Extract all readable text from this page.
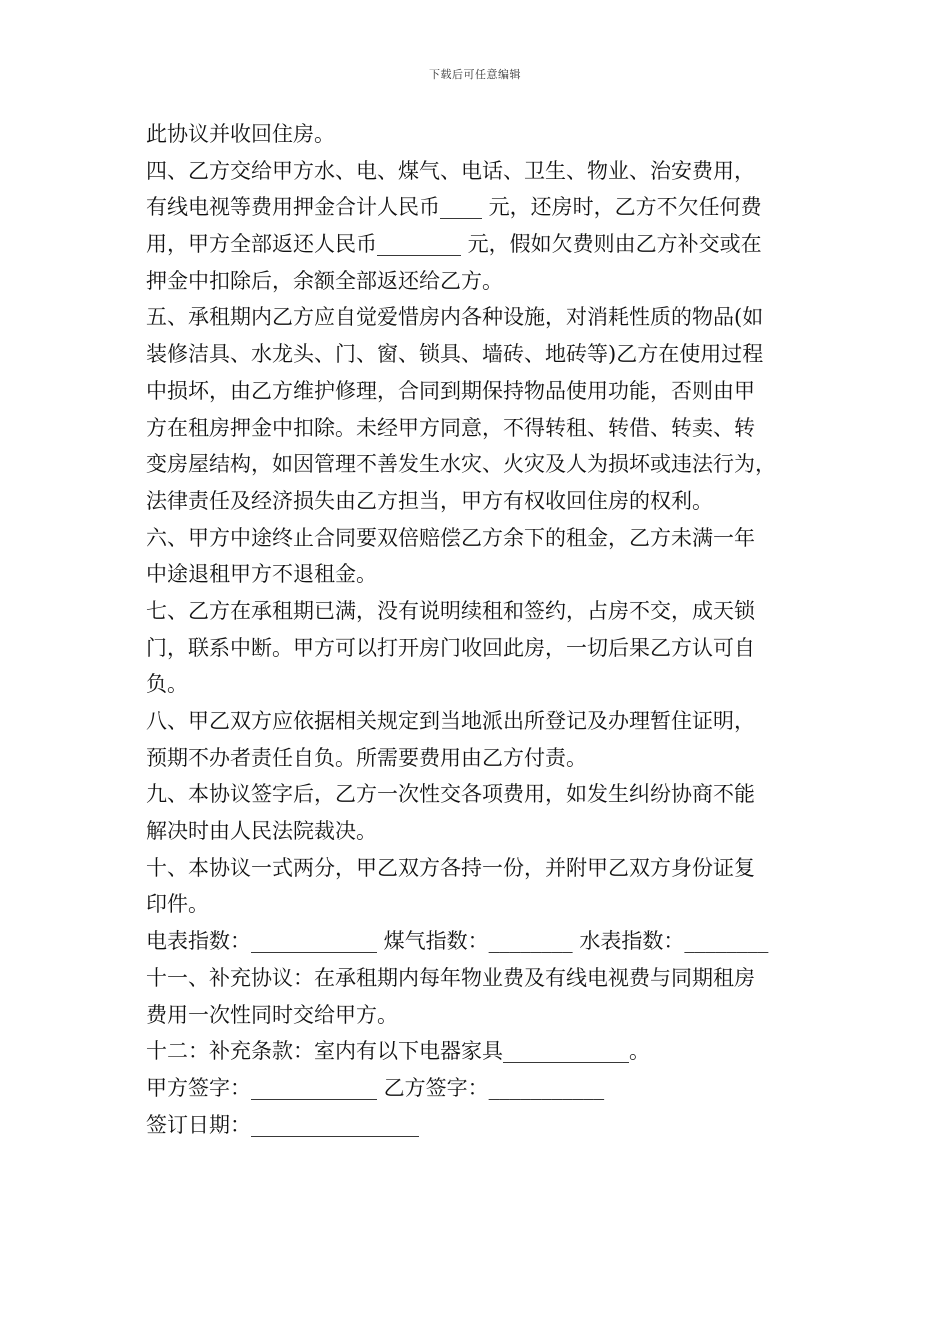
下载后可任意编辑
此协议并收回住房。
四、乙方交给甲方水、电、煤气、电话、卫生、物业、治安费用，
有线电视等费用押金合计人民币____ 元，还房时，乙方不欠任何费
用，甲方全部返还人民币________ 元，假如欠费则由乙方补交或在
押金中扣除后，余额全部返还给乙方。
五、承租期内乙方应自觉爱惜房内各种设施，对消耗性质的物品(如
装修洁具、水龙头、门、窗、锁具、墙砖、地砖等)乙方在使用过程
中损坏，由乙方维护修理，合同到期保持物品使用功能，否则由甲
方在租房押金中扣除。未经甲方同意，不得转租、转借、转卖、转
变房屋结构，如因管理不善发生水灾、火灾及人为损坏或违法行为，
法律责任及经济损失由乙方担当，甲方有权收回住房的权利。
六、甲方中途终止合同要双倍赔偿乙方余下的租金，乙方未满一年
中途退租甲方不退租金。
七、乙方在承租期已满，没有说明续租和签约，占房不交，成天锁
门，联系中断。甲方可以打开房门收回此房，一切后果乙方认可自
负。
八、甲乙双方应依据相关规定到当地派出所登记及办理暂住证明，
预期不办者责任自负。所需要费用由乙方付责。
九、本协议签字后，乙方一次性交各项费用，如发生纠纷协商不能
解决时由人民法院裁决。
十、本协议一式两分，甲乙双方各持一份，并附甲乙双方身份证复
印件。
电表指数：____________ 煤气指数：________ 水表指数：________
十一、补充协议：在承租期内每年物业费及有线电视费与同期租房
费用一次性同时交给甲方。
十二：补充条款：室内有以下电器家具____________。
甲方签字：____________ 乙方签字：___________
签订日期：________________
